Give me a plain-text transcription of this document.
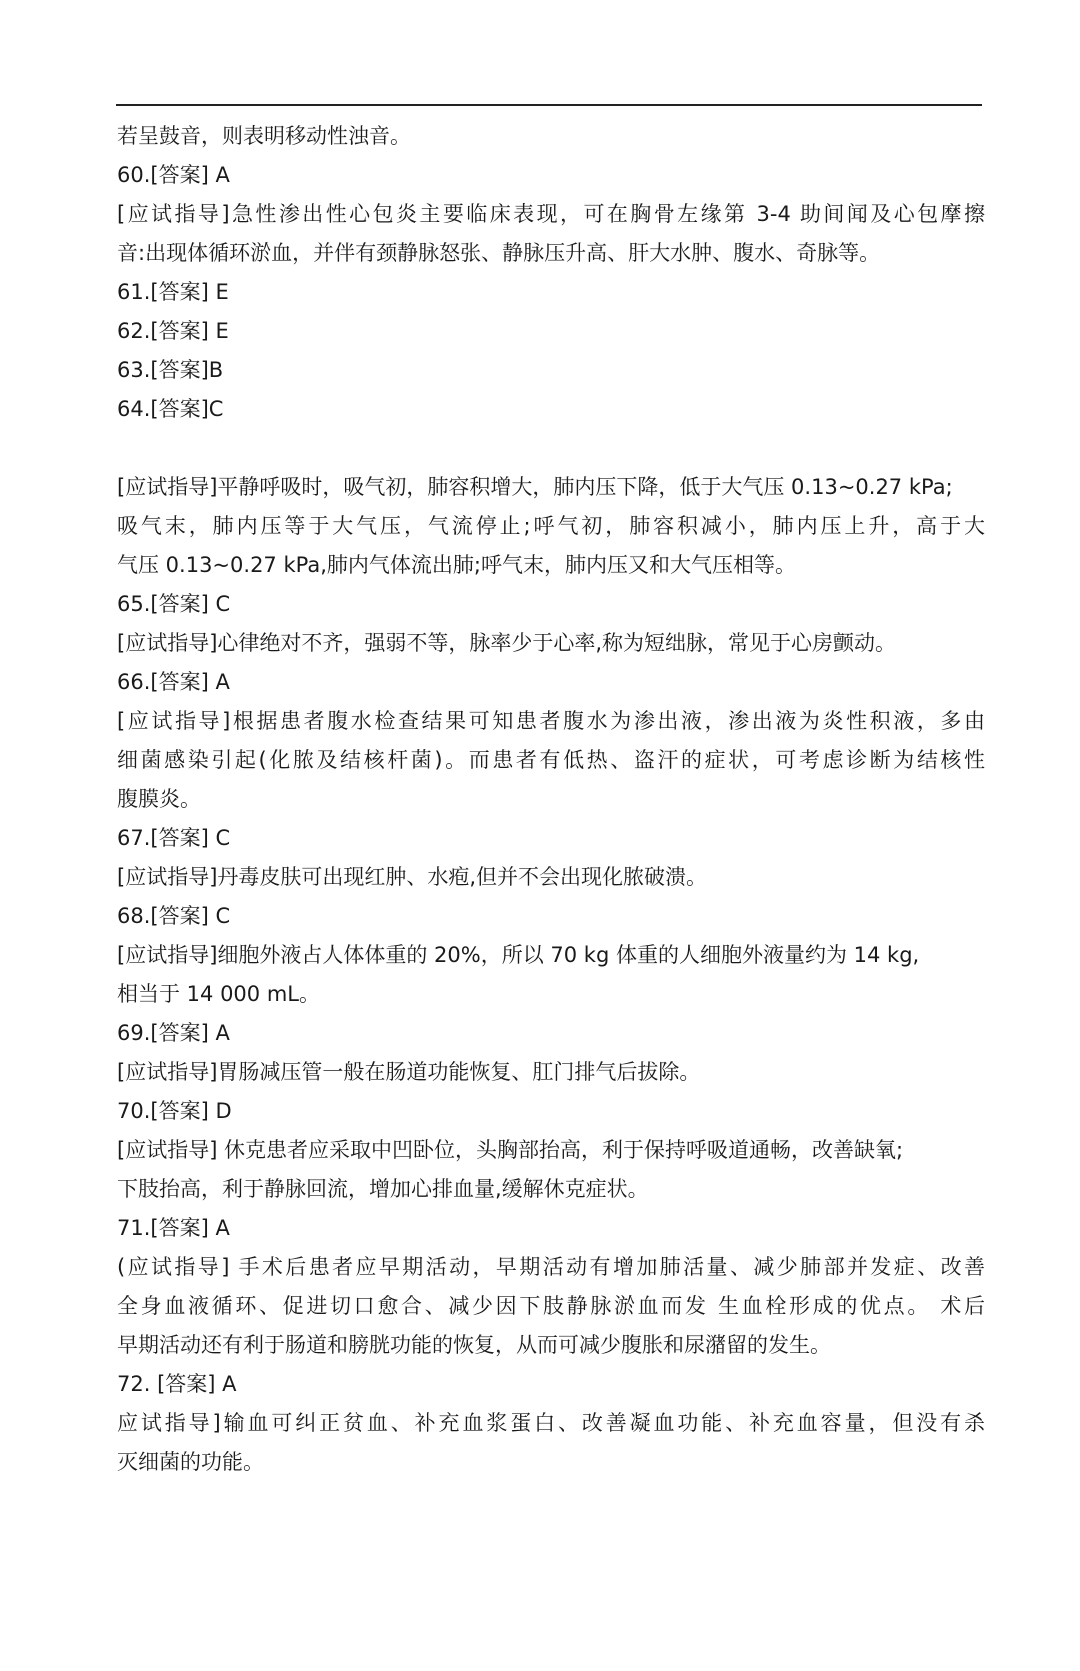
若呈鼓音，则表明移动性浊音。
60.[答案] A
[应试指导]急性渗出性心包炎主要临床表现，可在胸骨左缘第 3-4 助间闻及心包摩擦
音:出现体循环淤血，并伴有颈静脉怒张、静脉压升高、肝大水肿、腹水、奇脉等。
61.[答案] E
62.[答案] E
63.[答案]B
64.[答案]C
[应试指导]平静呼吸时，吸气初，肺容积增大，肺内压下降，低于大气压 0.13~0.27 kPa;
吸气末，肺内压等于大气压，气流停止;呼气初，肺容积减小，肺内压上升，高于大
气压 0.13~0.27 kPa,肺内气体流出肺;呼气末，肺内压又和大气压相等。
65.[答案] C
[应试指导]心律绝对不齐，强弱不等，脉率少于心率,称为短绌脉，常见于心房颤动。
66.[答案] A
[应试指导]根据患者腹水检查结果可知患者腹水为渗出液，渗出液为炎性积液，多由
细菌感染引起(化脓及结核杆菌)。而患者有低热、盗汗的症状，可考虑诊断为结核性
腹膜炎。
67.[答案] C
[应试指导]丹毒皮肤可出现红肿、水疱,但并不会出现化脓破溃。
68.[答案] C
[应试指导]细胞外液占人体体重的 20%，所以 70 kg 体重的人细胞外液量约为 14 kg,
相当于 14 000 mL。
69.[答案] A
[应试指导]胃肠减压管一般在肠道功能恢复、肛门排气后拔除。
70.[答案] D
[应试指导] 休克患者应采取中凹卧位，头胸部抬高，利于保持呼吸道通畅，改善缺氧;
下肢抬高，利于静脉回流，增加心排血量,缓解休克症状。
71.[答案] A
(应试指导] 手术后患者应早期活动，早期活动有增加肺活量、减少肺部并发症、改善
全身血液循环、促进切口愈合、减少因下肢静脉淤血而发 生血栓形成的优点。 术后
早期活动还有利于肠道和膀胱功能的恢复，从而可减少腹胀和尿潴留的发生。
72. [答案] A
应试指导]输血可纠正贫血、补充血浆蛋白、改善凝血功能、补充血容量，但没有杀
灭细菌的功能。
